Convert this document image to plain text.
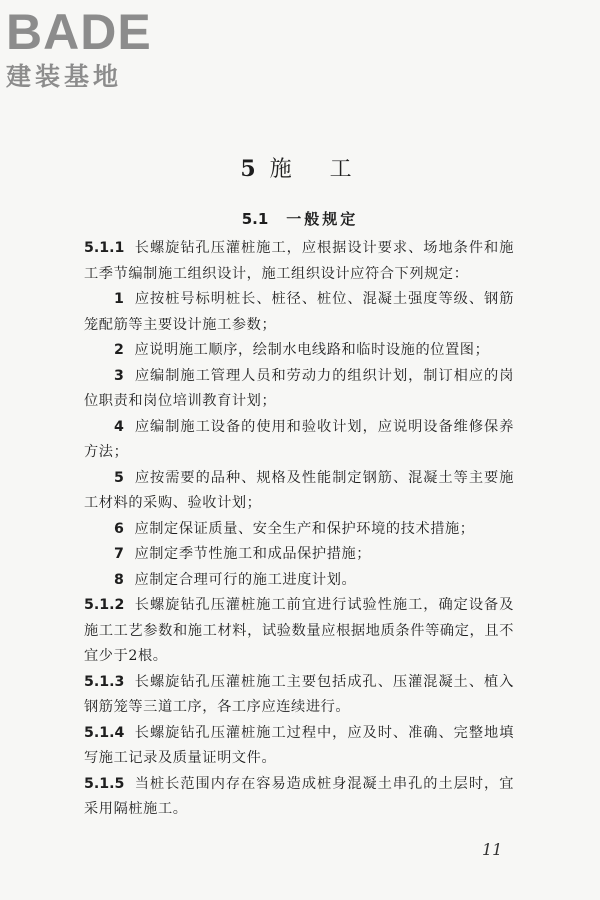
BADE
建装基地
5 施　工
5.1 一般规定

5.1.1 长螺旋钻孔压灌桩施工，应根据设计要求、场地条件和施工季节编制施工组织设计，施工组织设计应符合下列规定：

1 应按桩号标明桩长、桩径、桩位、混凝土强度等级、钢筋笼配筋等主要设计施工参数；

2 应说明施工顺序，绘制水电线路和临时设施的位置图；

3 应编制施工管理人员和劳动力的组织计划，制订相应的岗位职责和岗位培训教育计划；

4 应编制施工设备的使用和验收计划，应说明设备维修保养方法；

5 应按需要的品种、规格及性能制定钢筋、混凝土等主要施工材料的采购、验收计划；

6 应制定保证质量、安全生产和保护环境的技术措施；

7 应制定季节性施工和成品保护措施；

8 应制定合理可行的施工进度计划。

5.1.2 长螺旋钻孔压灌桩施工前宜进行试验性施工，确定设备及施工工艺参数和施工材料，试验数量应根据地质条件等确定，且不宜少于2根。

5.1.3 长螺旋钻孔压灌桩施工主要包括成孔、压灌混凝土、植入钢筋笼等三道工序，各工序应连续进行。

5.1.4 长螺旋钻孔压灌桩施工过程中，应及时、准确、完整地填写施工记录及质量证明文件。

5.1.5 当桩长范围内存在容易造成桩身混凝土串孔的土层时，宜采用隔桩施工。

11
